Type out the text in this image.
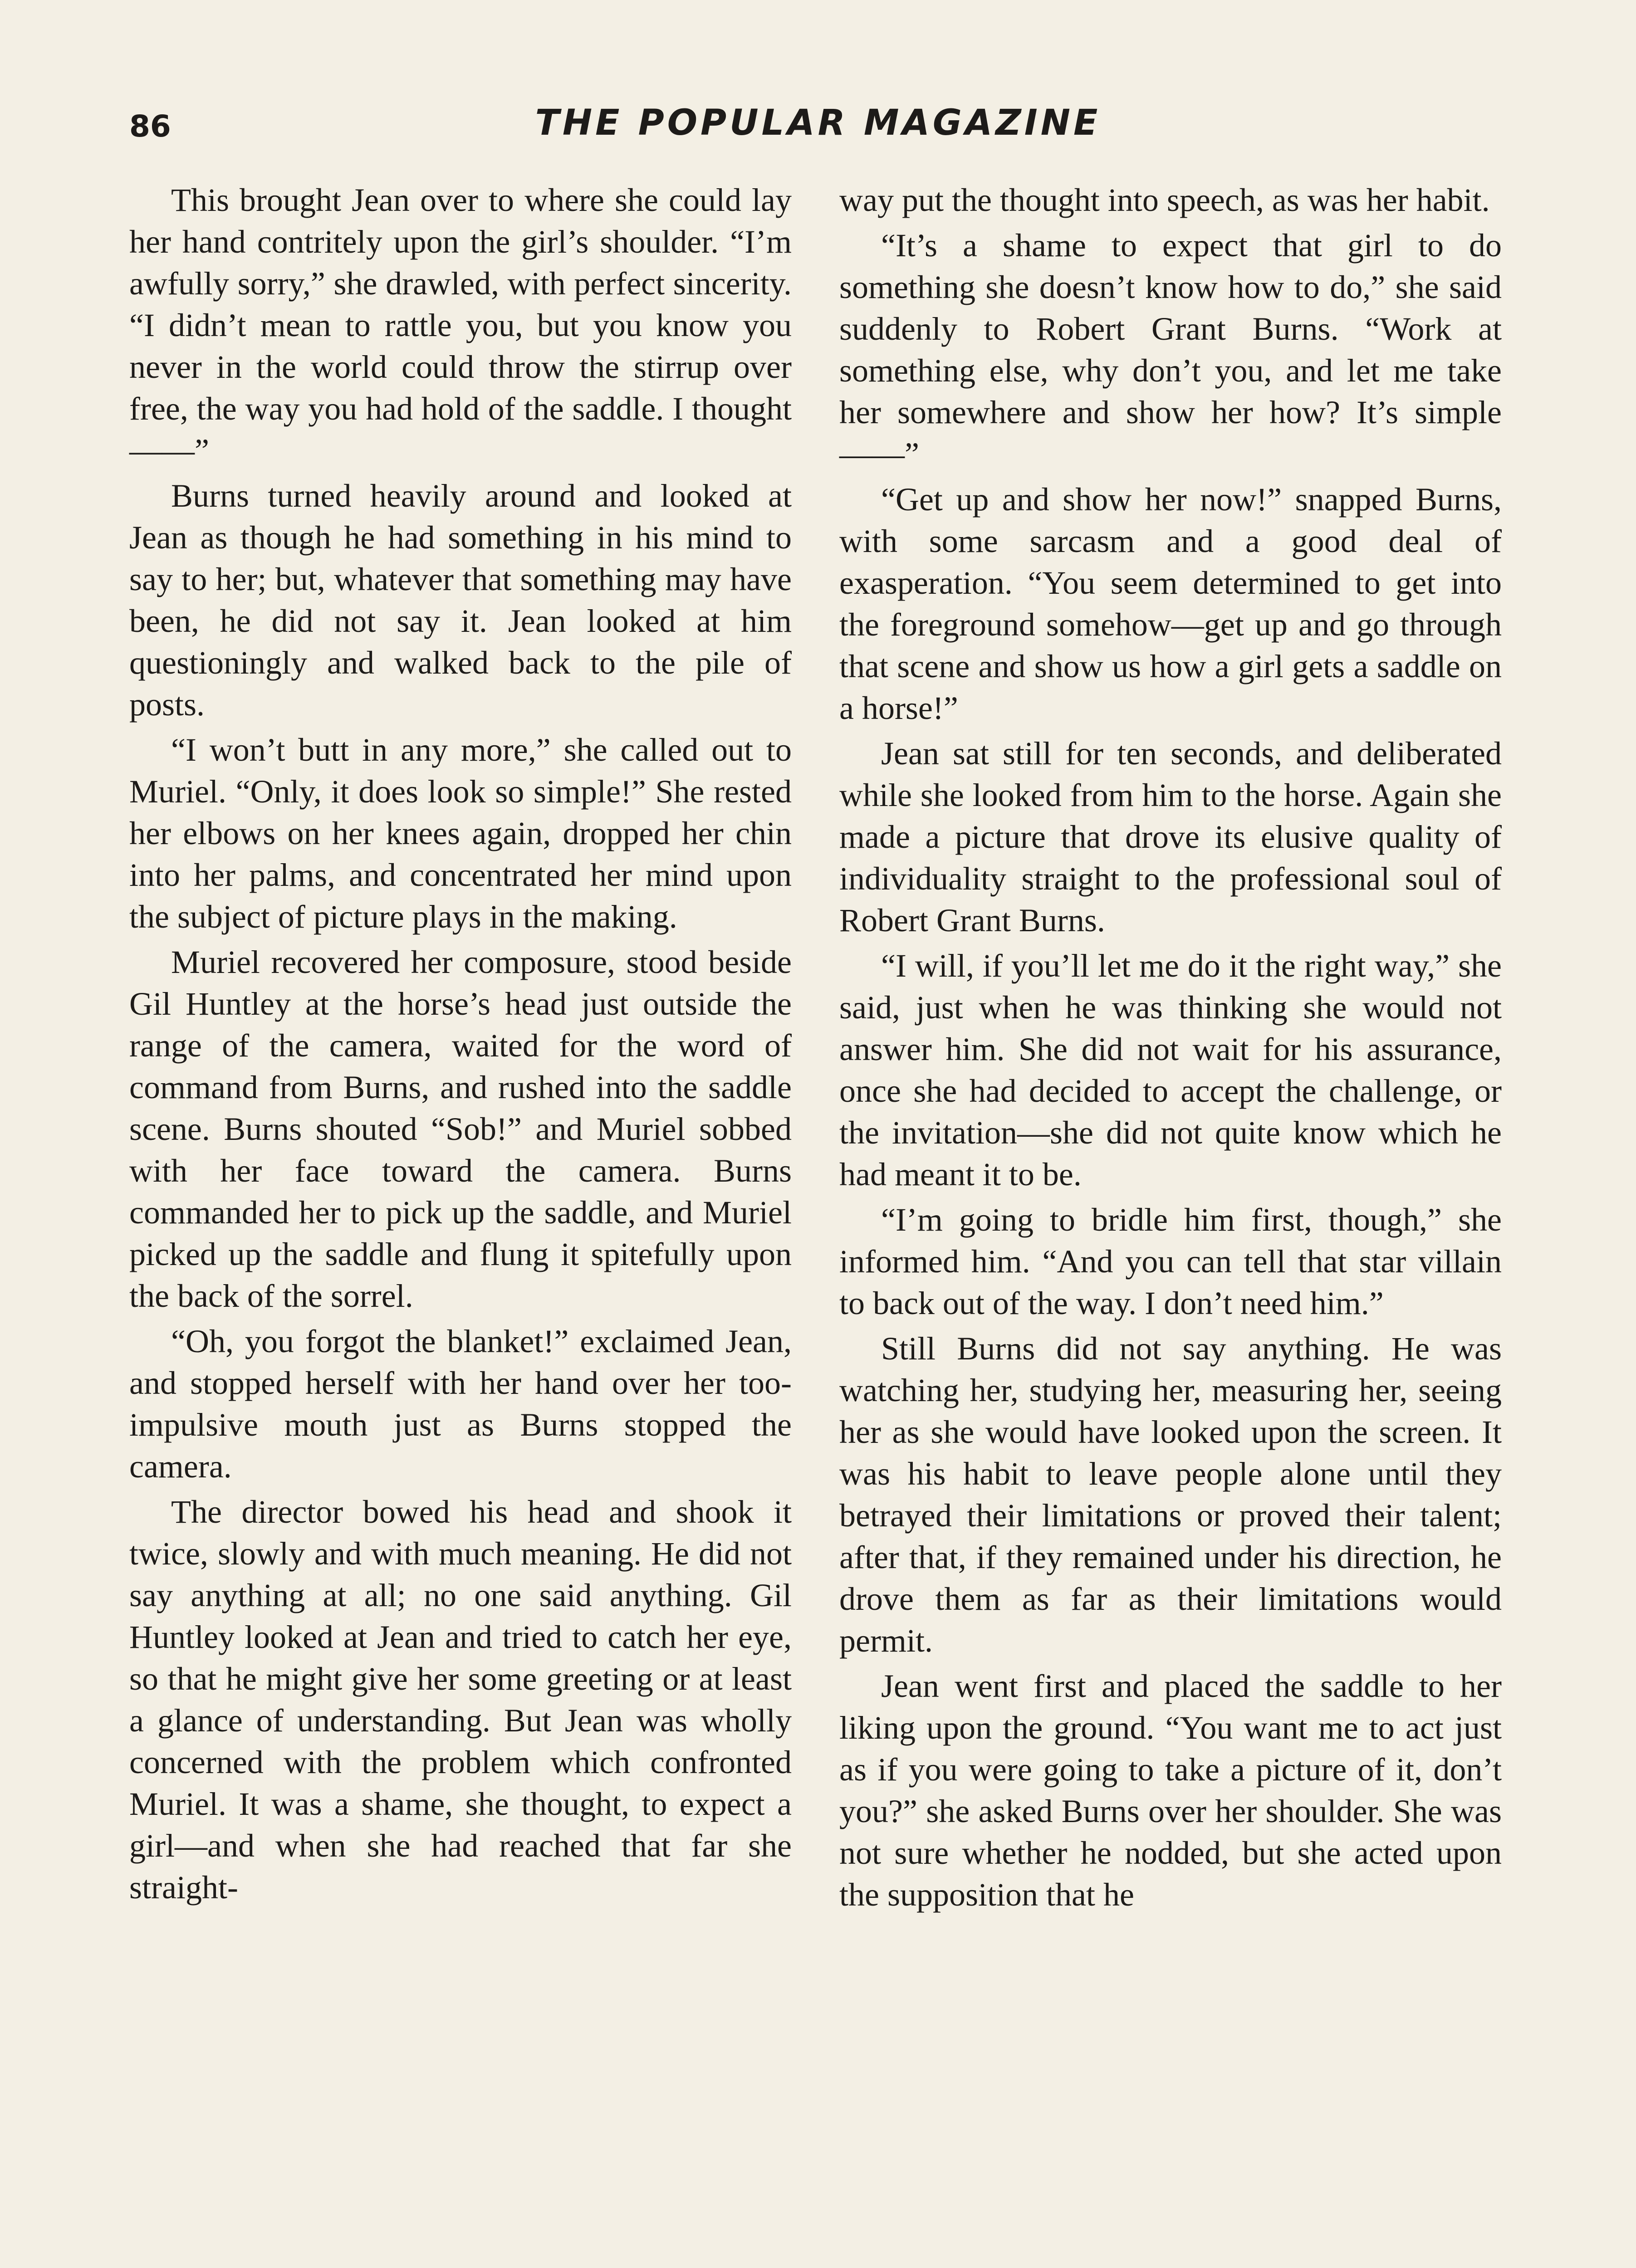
86	THE POPULAR MAGAZINE

This brought Jean over to where she could lay her hand contritely upon the girl’s shoulder. “I’m awfully sorry,” she drawled, with perfect sincerity. “I didn’t mean to rattle you, but you know you never in the world could throw the stirrup over free, the way you had hold of the saddle. I thought——”

Burns turned heavily around and looked at Jean as though he had something in his mind to say to her; but, whatever that something may have been, he did not say it. Jean looked at him questioningly and walked back to the pile of posts.

“I won’t butt in any more,” she called out to Muriel. “Only, it does look so simple!” She rested her elbows on her knees again, dropped her chin into her palms, and concentrated her mind upon the subject of picture plays in the making.

Muriel recovered her composure, stood beside Gil Huntley at the horse’s head just outside the range of the camera, waited for the word of command from Burns, and rushed into the saddle scene. Burns shouted “Sob!” and Muriel sobbed with her face toward the camera. Burns commanded her to pick up the saddle, and Muriel picked up the saddle and flung it spitefully upon the back of the sorrel.

“Oh, you forgot the blanket!” exclaimed Jean, and stopped herself with her hand over her too-impulsive mouth just as Burns stopped the camera.

The director bowed his head and shook it twice, slowly and with much meaning. He did not say anything at all; no one said anything. Gil Huntley looked at Jean and tried to catch her eye, so that he might give her some greeting or at least a glance of understanding. But Jean was wholly concerned with the problem which confronted Muriel. It was a shame, she thought, to expect a girl—and when she had reached that far she straight-

way put the thought into speech, as was her habit.

“It’s a shame to expect that girl to do something she doesn’t know how to do,” she said suddenly to Robert Grant Burns. “Work at something else, why don’t you, and let me take her somewhere and show her how? It’s simple——”

“Get up and show her now!” snapped Burns, with some sarcasm and a good deal of exasperation. “You seem determined to get into the foreground somehow—get up and go through that scene and show us how a girl gets a saddle on a horse!”

Jean sat still for ten seconds, and deliberated while she looked from him to the horse. Again she made a picture that drove its elusive quality of individuality straight to the professional soul of Robert Grant Burns.

“I will, if you’ll let me do it the right way,” she said, just when he was thinking she would not answer him. She did not wait for his assurance, once she had decided to accept the challenge, or the invitation—she did not quite know which he had meant it to be.

“I’m going to bridle him first, though,” she informed him. “And you can tell that star villain to back out of the way. I don’t need him.”

Still Burns did not say anything. He was watching her, studying her, measuring her, seeing her as she would have looked upon the screen. It was his habit to leave people alone until they betrayed their limitations or proved their talent; after that, if they remained under his direction, he drove them as far as their limitations would permit.

Jean went first and placed the saddle to her liking upon the ground. “You want me to act just as if you were going to take a picture of it, don’t you?” she asked Burns over her shoulder. She was not sure whether he nodded, but she acted upon the supposition that he
